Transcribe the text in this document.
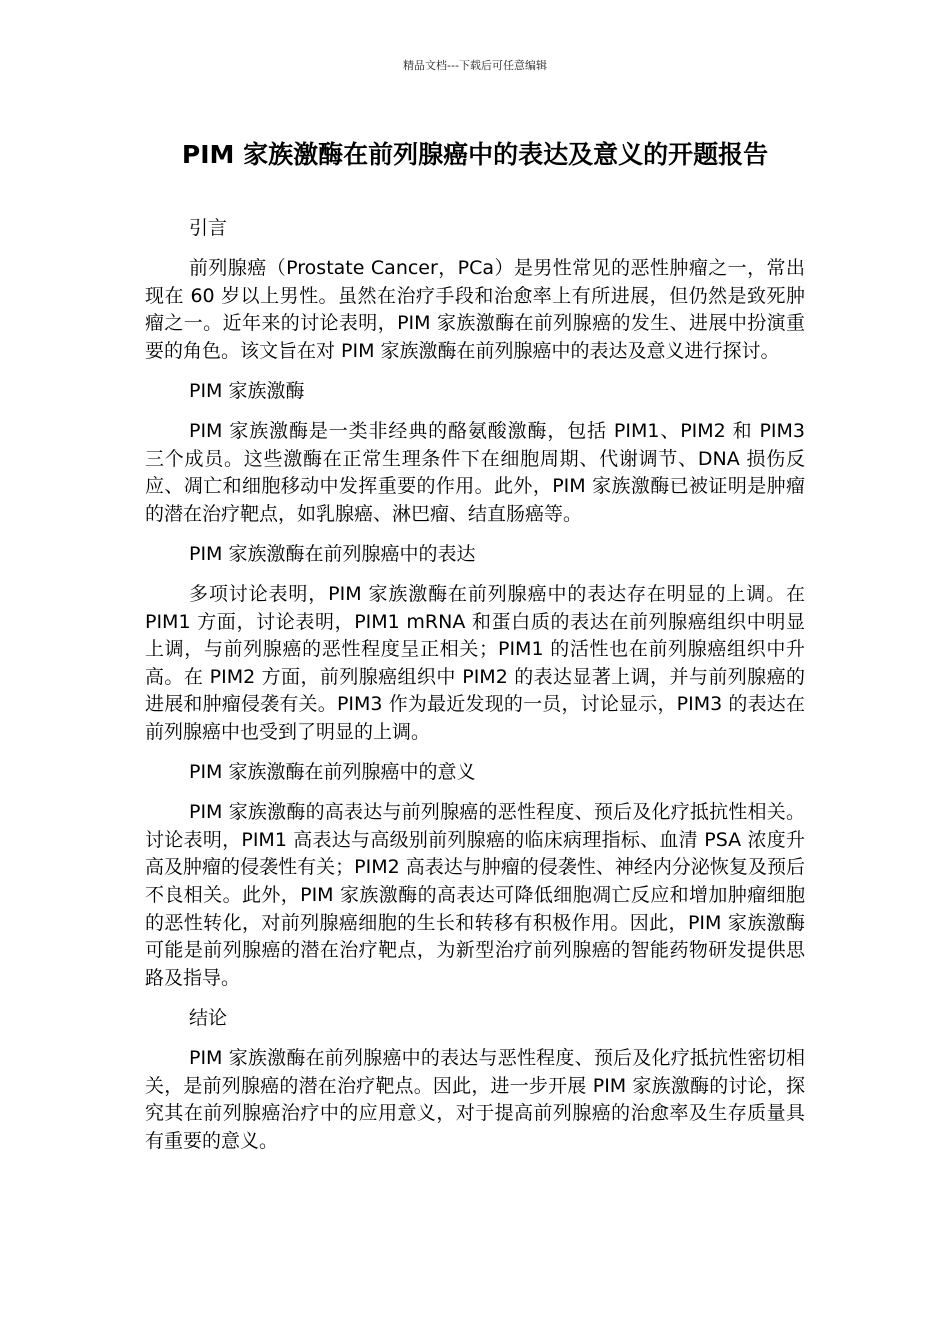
精品文档---下载后可任意编辑
PIM 家族激酶在前列腺癌中的表达及意义的开题报告

引言

前列腺癌（Prostate Cancer，PCa）是男性常见的恶性肿瘤之一，常出现在 60 岁以上男性。虽然在治疗手段和治愈率上有所进展，但仍然是致死肿瘤之一。近年来的讨论表明，PIM 家族激酶在前列腺癌的发生、进展中扮演重要的角色。该文旨在对 PIM 家族激酶在前列腺癌中的表达及意义进行探讨。

PIM 家族激酶

PIM 家族激酶是一类非经典的酪氨酸激酶，包括 PIM1、PIM2 和 PIM3 三个成员。这些激酶在正常生理条件下在细胞周期、代谢调节、DNA 损伤反应、凋亡和细胞移动中发挥重要的作用。此外，PIM 家族激酶已被证明是肿瘤的潜在治疗靶点，如乳腺癌、淋巴瘤、结直肠癌等。

PIM 家族激酶在前列腺癌中的表达

多项讨论表明，PIM 家族激酶在前列腺癌中的表达存在明显的上调。在 PIM1 方面，讨论表明，PIM1 mRNA 和蛋白质的表达在前列腺癌组织中明显上调，与前列腺癌的恶性程度呈正相关；PIM1 的活性也在前列腺癌组织中升高。在 PIM2 方面，前列腺癌组织中 PIM2 的表达显著上调，并与前列腺癌的进展和肿瘤侵袭有关。PIM3 作为最近发现的一员，讨论显示，PIM3 的表达在前列腺癌中也受到了明显的上调。

PIM 家族激酶在前列腺癌中的意义

PIM 家族激酶的高表达与前列腺癌的恶性程度、预后及化疗抵抗性相关。讨论表明，PIM1 高表达与高级别前列腺癌的临床病理指标、血清 PSA 浓度升高及肿瘤的侵袭性有关；PIM2 高表达与肿瘤的侵袭性、神经内分泌恢复及预后不良相关。此外，PIM 家族激酶的高表达可降低细胞凋亡反应和增加肿瘤细胞的恶性转化，对前列腺癌细胞的生长和转移有积极作用。因此，PIM 家族激酶可能是前列腺癌的潜在治疗靶点，为新型治疗前列腺癌的智能药物研发提供思路及指导。

结论

PIM 家族激酶在前列腺癌中的表达与恶性程度、预后及化疗抵抗性密切相关，是前列腺癌的潜在治疗靶点。因此，进一步开展 PIM 家族激酶的讨论，探究其在前列腺癌治疗中的应用意义，对于提高前列腺癌的治愈率及生存质量具有重要的意义。
